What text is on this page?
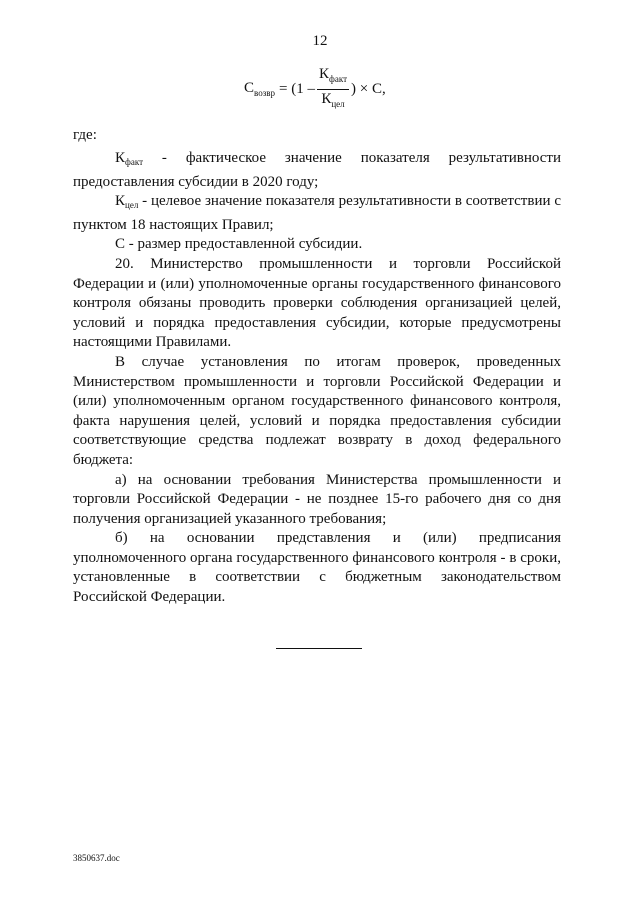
12
$С_{возвр} = (1 - \frac{К_{факт}}{К_{цел}}$ ) × С,
где:
$К_{факт}$ - фактическое значение показателя результативности предоставления субсидии в 2020 году;
$К_{цел}$ - целевое значение показателя результативности в соответствии с пунктом 18 настоящих Правил;
С - размер предоставленной субсидии.
20. Министерство промышленности и торговли Российской Федерации и (или) уполномоченные органы государственного финансового контроля обязаны проводить проверки соблюдения организацией целей, условий и порядка предоставления субсидии, которые предусмотрены настоящими Правилами.
В случае установления по итогам проверок, проведенных Министерством промышленности и торговли Российской Федерации и (или) уполномоченным органом государственного финансового контроля, факта нарушения целей, условий и порядка предоставления субсидии соответствующие средства подлежат возврату в доход федерального бюджета:
а) на основании требования Министерства промышленности и торговли Российской Федерации - не позднее 15-го рабочего дня со дня получения организацией указанного требования;
б) на основании представления и (или) предписания уполномоченного органа государственного финансового контроля - в сроки, установленные в соответствии с бюджетным законодательством Российской Федерации.
3850637.doc
